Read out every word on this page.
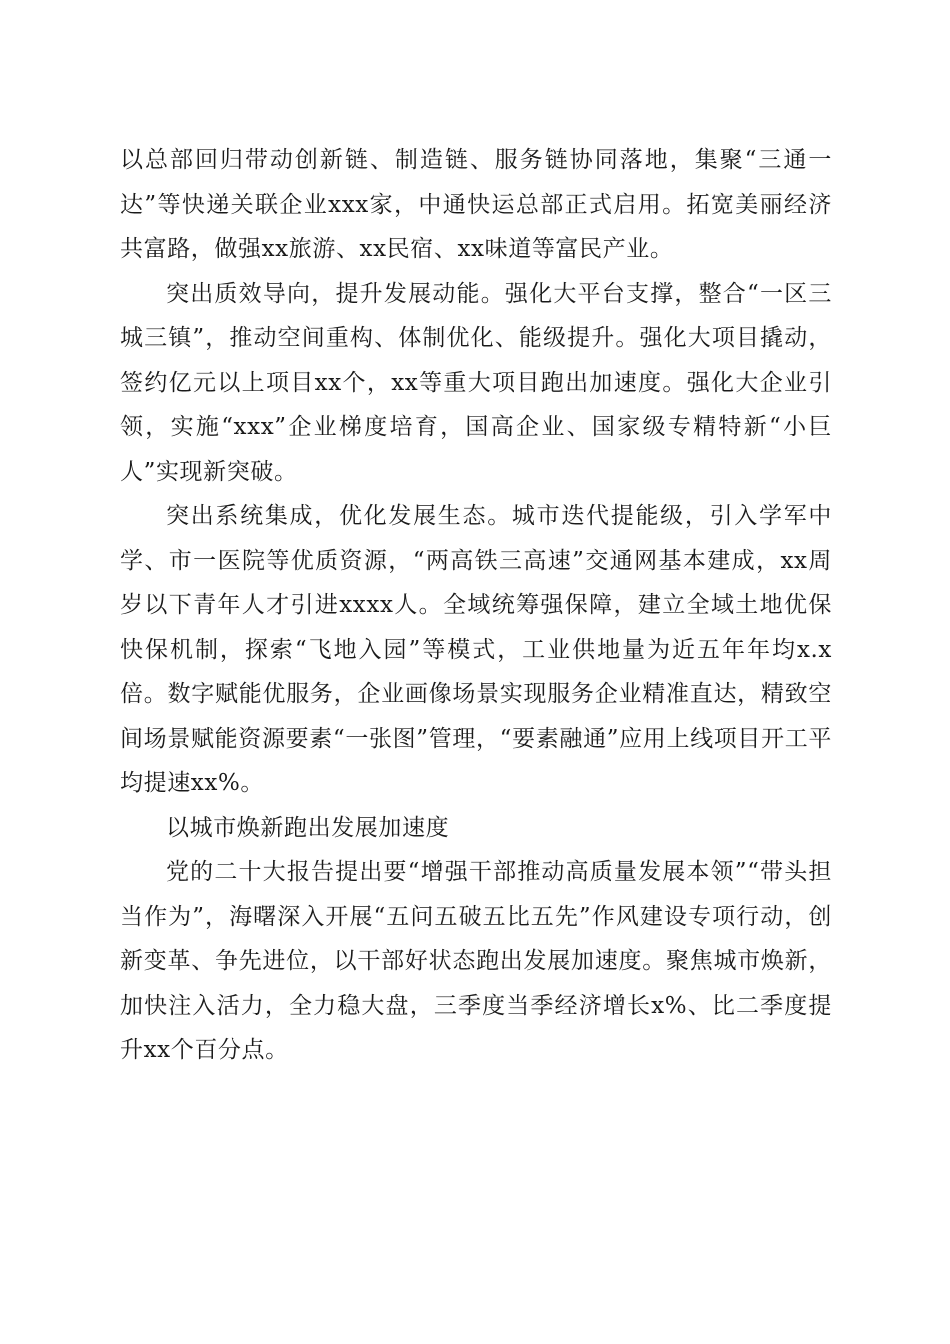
以总部回归带动创新链、制造链、服务链协同落地，集聚“三通一达”等快递关联企业xxx家，中通快运总部正式启用。拓宽美丽经济共富路，做强xx旅游、xx民宿、xx味道等富民产业。

突出质效导向，提升发展动能。强化大平台支撑，整合“一区三城三镇”，推动空间重构、体制优化、能级提升。强化大项目撬动，签约亿元以上项目xx个，xx等重大项目跑出加速度。强化大企业引领，实施“xxx”企业梯度培育，国高企业、国家级专精特新“小巨人”实现新突破。

突出系统集成，优化发展生态。城市迭代提能级，引入学军中学、市一医院等优质资源，“两高铁三高速”交通网基本建成，xx周岁以下青年人才引进xxxx人。全域统筹强保障，建立全域土地优保快保机制，探索“飞地入园”等模式，工业供地量为近五年年均x.x倍。数字赋能优服务，企业画像场景实现服务企业精准直达，精致空间场景赋能资源要素“一张图”管理，“要素融通”应用上线项目开工平均提速xx%。

以城市焕新跑出发展加速度

党的二十大报告提出要“增强干部推动高质量发展本领”“带头担当作为”，海曙深入开展“五问五破五比五先”作风建设专项行动，创新变革、争先进位，以干部好状态跑出发展加速度。聚焦城市焕新，加快注入活力，全力稳大盘，三季度当季经济增长x%、比二季度提升xx个百分点。
